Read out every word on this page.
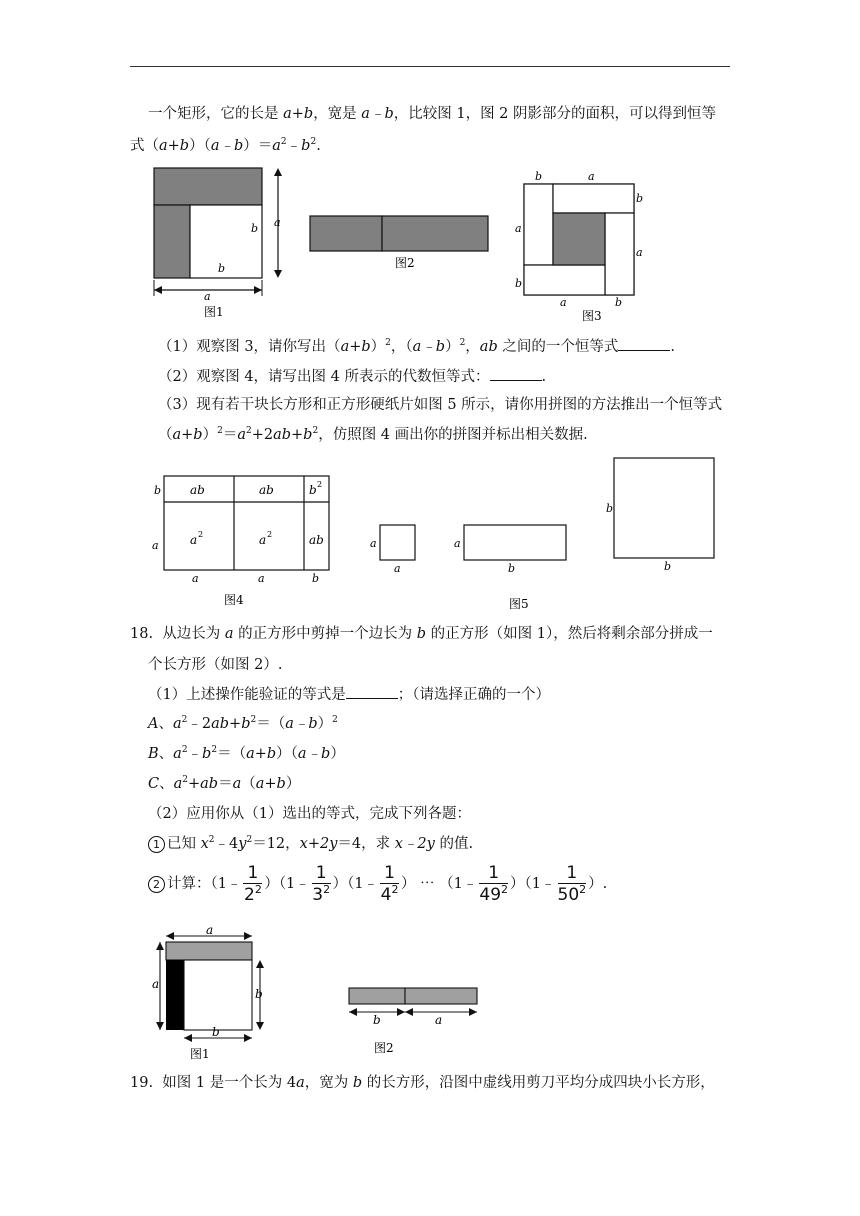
一个矩形，它的长是 a+b，宽是 a﹣b，比较图 1，图 2 阴影部分的面积，可以得到恒等
式$(a+b)(a﹣b)=a^2﹣b^2$.
b a
b
a
图1
图2
b	a
a
b
b
a
a	b
图3
（1）观察图 3，请你写出$(a+b)^2$，（a﹣b）$^2$，ab 之间的一个恒等式	.
（2）观察图 4，请写出图 4 所表示的代数恒等式：	.
（3）现有若干块长方形和正方形硬纸片如图 5 所示，请你用拼图的方法推出一个恒等式
$(a+b)^2=a^2+2ab+b^2$，仿照图 4 画出你的拼图并标出相关数据.
ab	ab	b 2
a 2	a 2	ab
b
a
a	a	b
图4
a
a
a
b
b
b
图5
18. 从边长为 a 的正方形中剪掉一个边长为 b 的正方形（如图 1），然后将剩余部分拼成一
个长方形（如图 2）.
（1）上述操作能验证的等式是	；（请选择正确的一个）
A、$a^2﹣2ab+b^2=(a﹣b)^2$
B、$a^2﹣b^2=(a+b)(a﹣b)$
C、$a^2+ab=a(a+b)$
（2）应用你从（1）选出的等式，完成下列各题：
1 已知 $x^2﹣4y^2=12$，x+2y＝4，求 x﹣2y 的值.
2 计算：（1﹣ $\frac{1}{2^2}$ ）（1﹣ $\frac{1}{3^2}$ ）（1﹣ $\frac{1}{4^2}$ ） ⋯ （1﹣ $\frac{1}{49^2}$ ）（1﹣ $\frac{1}{50^2}$ ）.
a
a
b
b
图1
b	a
图2
19. 如图 1 是一个长为 4a，宽为 b 的长方形，沿图中虚线用剪刀平均分成四块小长方形，
